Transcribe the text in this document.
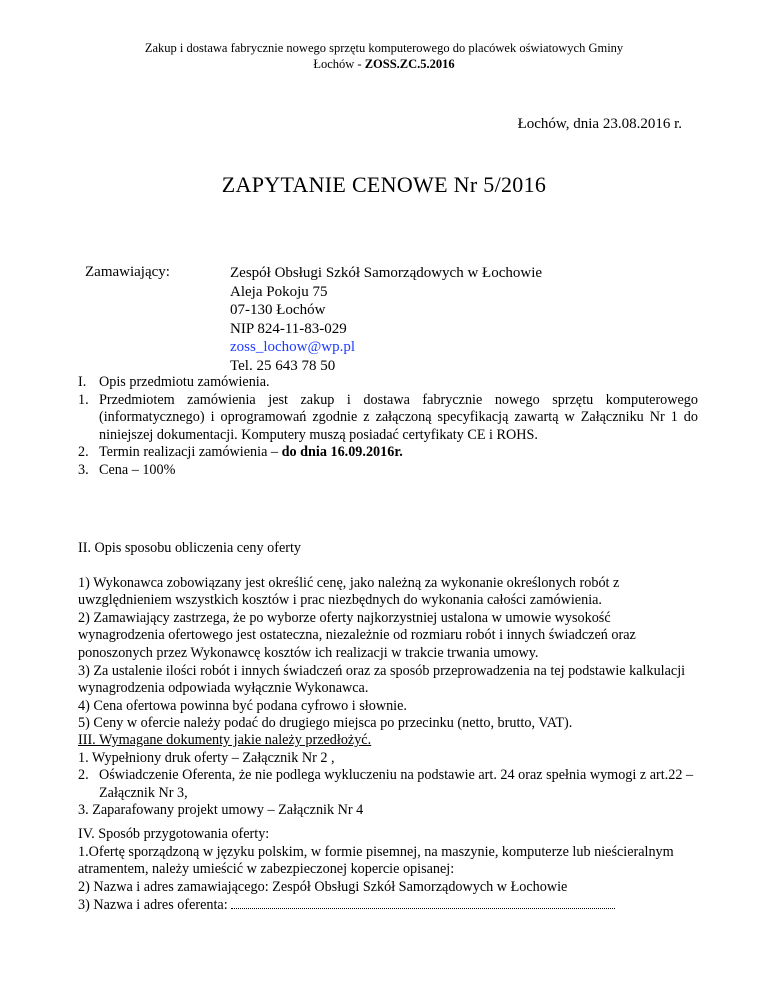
Zakup i dostawa fabrycznie nowego sprzętu komputerowego do placówek oświatowych Gminy
Łochów - ZOSS.ZC.5.2016
Łochów, dnia 23.08.2016 r.
ZAPYTANIE CENOWE Nr 5/2016
Zamawiający:	Zespół Obsługi Szkół Samorządowych w Łochowie
Aleja Pokoju 75
07-130 Łochów
NIP 824-11-83-029
zoss_lochow@wp.pl
Tel. 25 643 78 50
I. Opis przedmiotu zamówienia.
1. Przedmiotem zamówienia jest zakup i dostawa fabrycznie nowego sprzętu komputerowego (informatycznego) i oprogramowań zgodnie z załączoną specyfikacją zawartą w Załączniku Nr 1 do niniejszej dokumentacji. Komputery muszą posiadać certyfikaty CE i ROHS.
2. Termin realizacji zamówienia – do dnia 16.09.2016r.
3. Cena – 100%
II. Opis sposobu obliczenia ceny oferty
1) Wykonawca zobowiązany jest określić cenę, jako należną za wykonanie określonych robót z uwzględnieniem wszystkich kosztów i prac niezbędnych do wykonania całości zamówienia.
2) Zamawiający zastrzega, że po wyborze oferty najkorzystniej ustalona w umowie wysokość wynagrodzenia ofertowego jest ostateczna, niezależnie od rozmiaru robót i innych świadczeń oraz ponoszonych przez Wykonawcę kosztów ich realizacji w trakcie trwania umowy.
3) Za ustalenie ilości robót i innych świadczeń oraz za sposób przeprowadzenia na tej podstawie kalkulacji wynagrodzenia odpowiada wyłącznie Wykonawca.
4) Cena ofertowa powinna być podana cyfrowo i słownie.
5) Ceny w ofercie należy podać do drugiego miejsca po przecinku (netto, brutto, VAT).
III. Wymagane dokumenty jakie należy przedłożyć.
1. Wypełniony druk oferty – Załącznik Nr 2 ,
2. Oświadczenie Oferenta, że nie podlega wykluczeniu na podstawie art. 24 oraz spełnia wymogi z art.22 – Załącznik Nr 3,
3. Zaparafowany projekt umowy – Załącznik Nr 4
IV. Sposób przygotowania oferty:
1.Ofertę sporządzoną w języku polskim, w formie pisemnej, na maszynie, komputerze lub nieścieralnym atramentem, należy umieścić w zabezpieczonej kopercie opisanej:
2) Nazwa i adres zamawiającego: Zespół Obsługi Szkół Samorządowych w Łochowie
3) Nazwa i adres oferenta:
